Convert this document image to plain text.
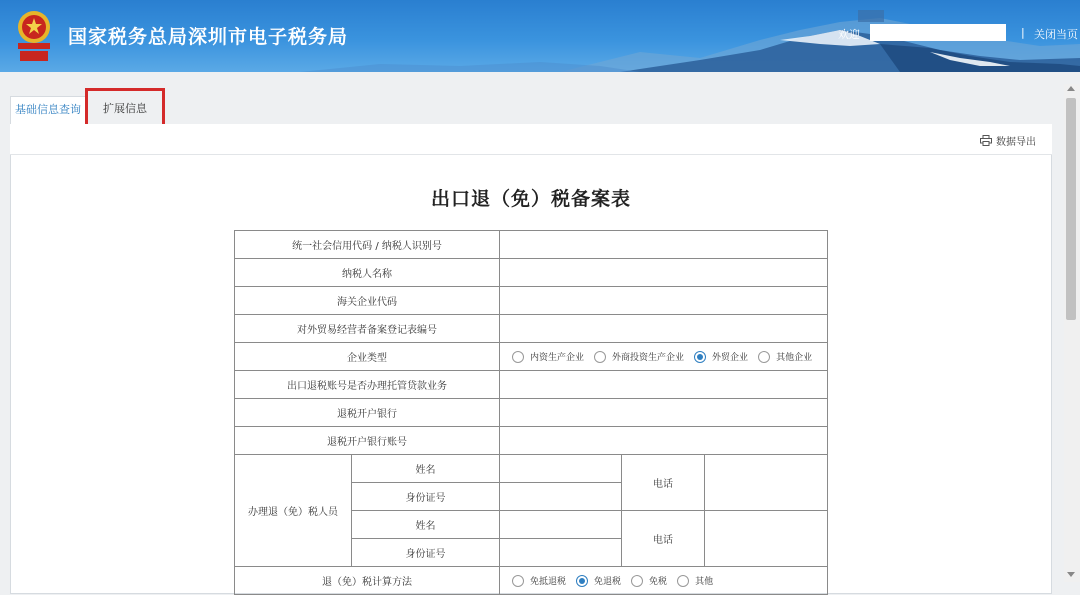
国家税务总局深圳市电子税务局	欢迎	| 关闭当页
基础信息查询	扩展信息
数据导出
出口退（免）税备案表
统一社会信用代码 / 纳税人识别号				
纳税人名称				
海关企业代码				
对外贸易经营者备案登记表编号				
企业类型		内资生产企业 外商投资生产企业 外贸企业 其他企业		

出口退税账号是否办理托管贷款业务				
退税开户银行				
退税开户银行账号				
办理退（免）税人员	姓名		电话	
	身份证号			
	姓名		电话	
	身份证号			
退（免）税计算方法		免抵退税 免退税 免税 其他		
